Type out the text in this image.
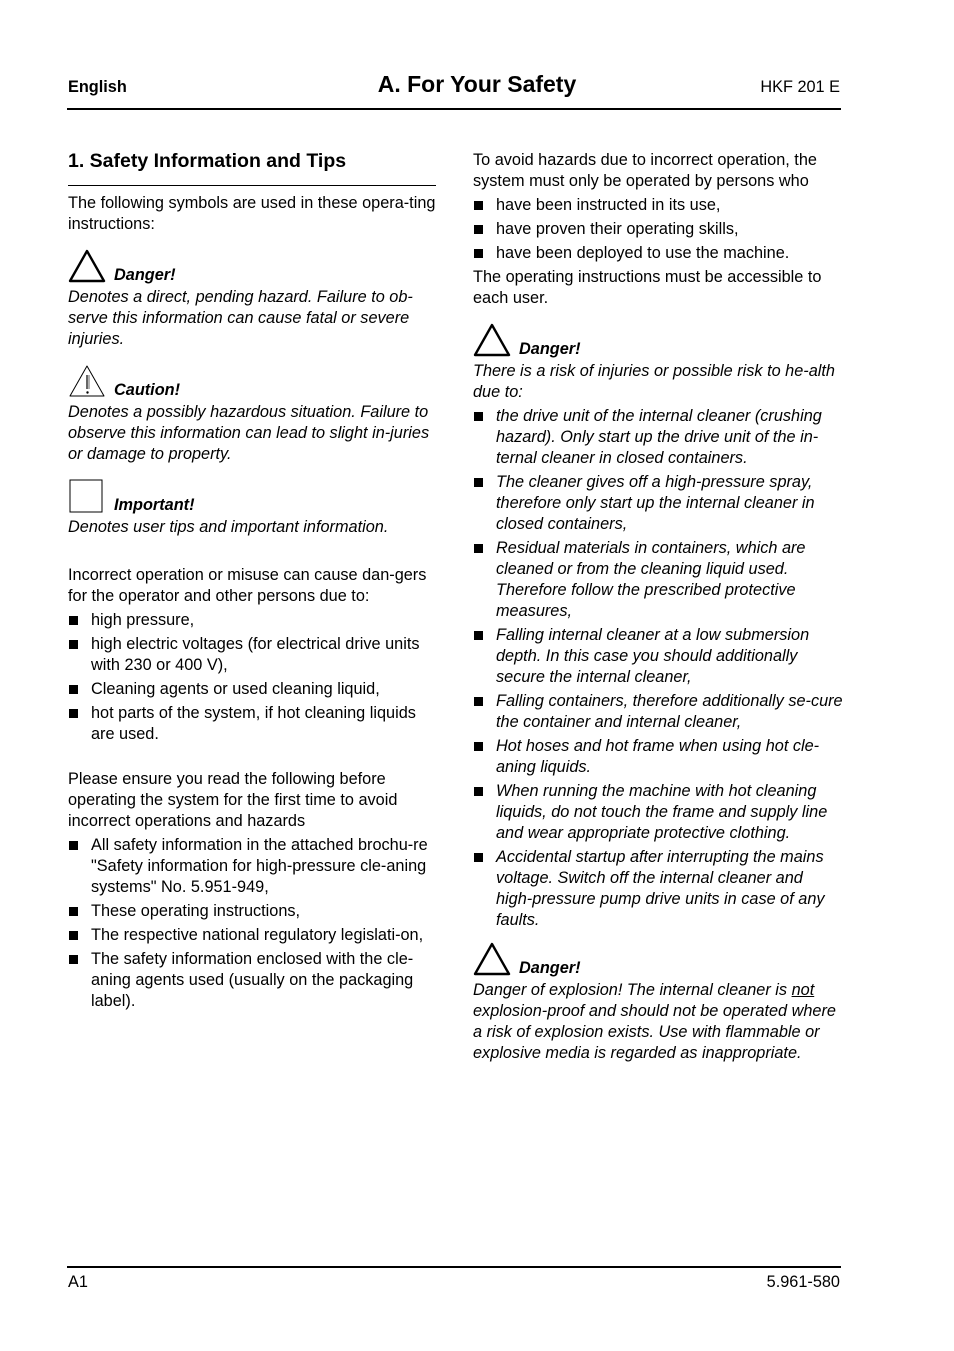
English	A. For Your Safety	HKF 201 E
1. Safety Information and Tips

The following symbols are used in these opera-ting instructions:

Danger!

Denotes a direct, pending hazard. Failure to ob-serve this information can cause fatal or severe injuries.

Caution!

Denotes a possibly hazardous situation. Failure to observe this information can lead to slight in-juries or damage to property.

Important!

Denotes user tips and important information.

Incorrect operation or misuse can cause dan-gers for the operator and other persons due to:

high pressure,
high electric voltages (for electrical drive units with 230 or 400 V),
Cleaning agents or used cleaning liquid,
hot parts of the system, if hot cleaning liquids are used.

Please ensure you read the following before operating the system for the first time to avoid incorrect operations and hazards

All safety information in the attached brochu-re "Safety information for high-pressure cle-aning systems" No. 5.951-949,
These operating instructions,
The respective national regulatory legislati-on,
The safety information enclosed with the cle-aning agents used (usually on the packaging label).

To avoid hazards due to incorrect operation, the system must only be operated by persons who

have been instructed in its use,
have proven their operating skills,
have been deployed to use the machine.

The operating instructions must be accessible to each user.

Danger!

There is a risk of injuries or possible risk to he-alth due to:

the drive unit of the internal cleaner (crushing hazard). Only start up the drive unit of the in-ternal cleaner in closed containers.
The cleaner gives off a high-pressure spray, therefore only start up the internal cleaner in closed containers,
Residual materials in containers, which are cleaned or from the cleaning liquid used. Therefore follow the prescribed protective measures,
Falling internal cleaner at a low submersion depth. In this case you should additionally secure the internal cleaner,
Falling containers, therefore additionally se-cure the container and internal cleaner,
Hot hoses and hot frame when using hot cle-aning liquids.
When running the machine with hot cleaning liquids, do not touch the frame and supply line and wear appropriate protective clothing.
Accidental startup after interrupting the mains voltage. Switch off the internal cleaner and high-pressure pump drive units in case of any faults.
Danger!

Danger of explosion! The internal cleaner is not explosion-proof and should not be operated where a risk of explosion exists. Use with flammable or explosive media is regarded as inappropriate.

A1	5.961-580
